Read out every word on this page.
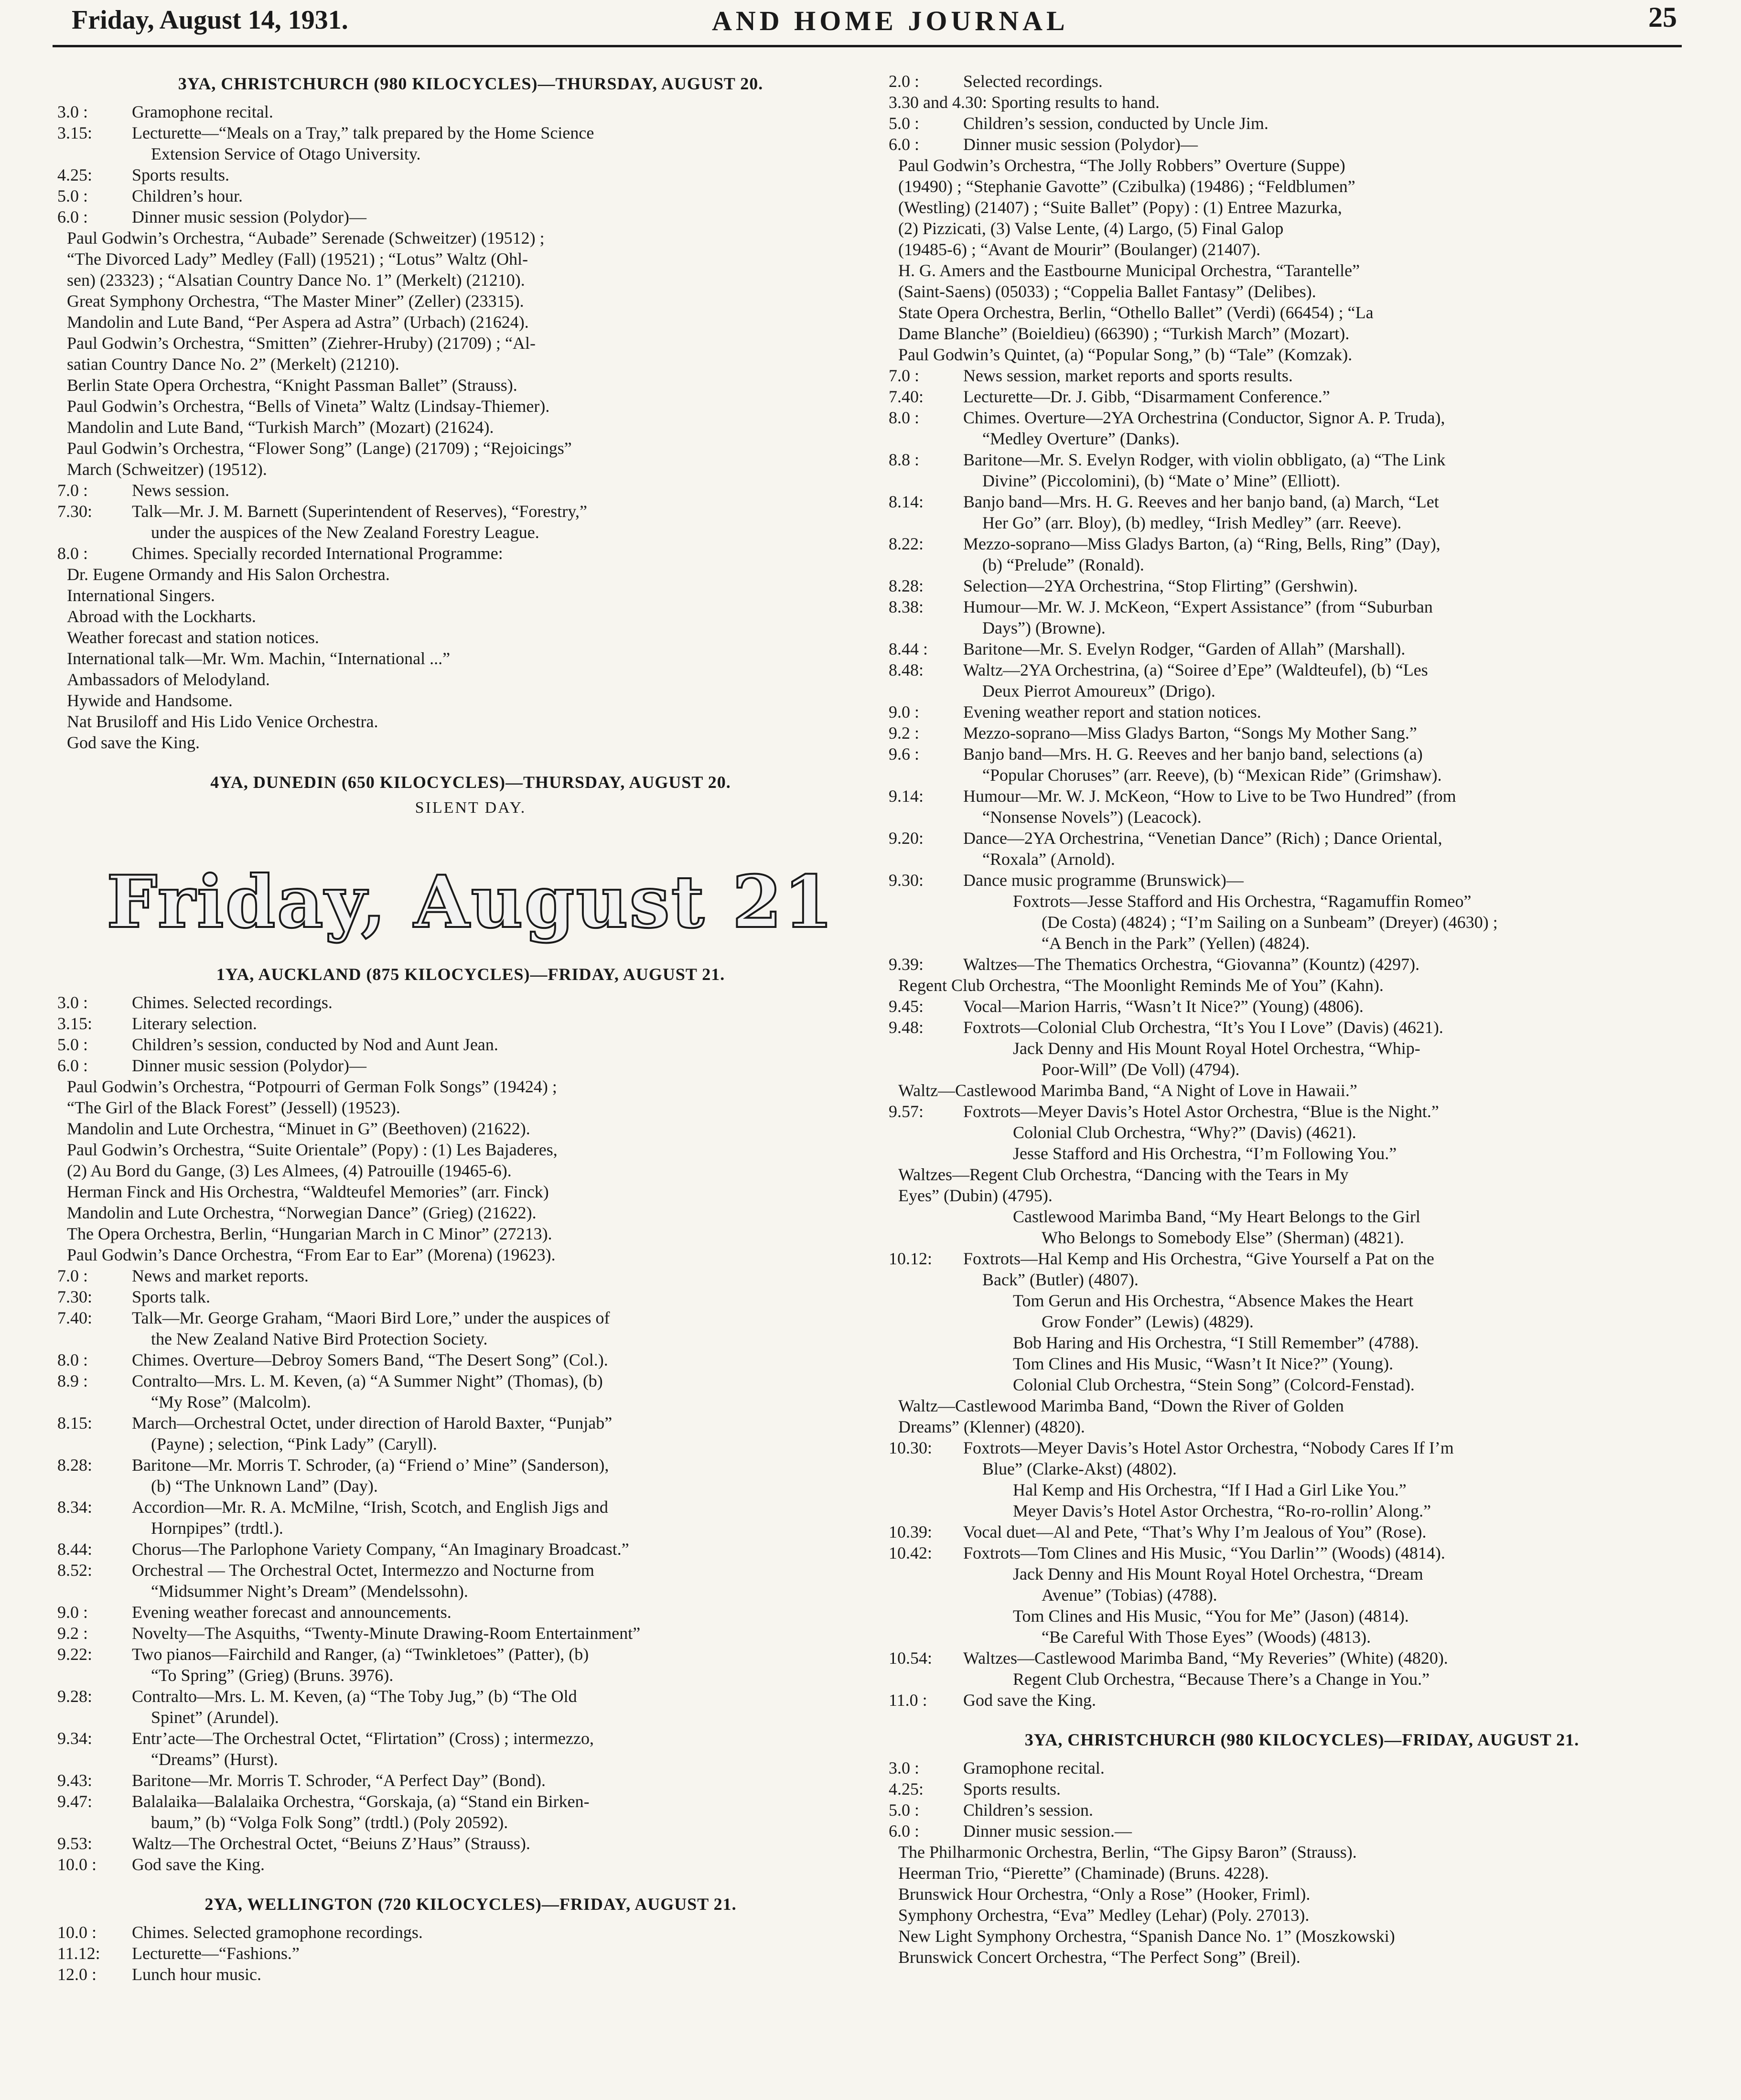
Friday, August 14, 1931.	AND HOME JOURNAL	25
3YA, CHRISTCHURCH (980 KILOCYCLES)—THURSDAY, AUGUST 20.
3.0 :	Gramophone recital.
3.15:	Lecturette—“Meals on a Tray,” talk prepared by the Home Science
Extension Service of Otago University.
4.25:	Sports results.
5.0 :	Children’s hour.
6.0 :	Dinner music session (Polydor)—
Paul Godwin’s Orchestra, “Aubade” Serenade (Schweitzer) (19512) ;
“The Divorced Lady” Medley (Fall) (19521) ; “Lotus” Waltz (Ohl-
sen) (23323) ; “Alsatian Country Dance No. 1” (Merkelt) (21210).
Great Symphony Orchestra, “The Master Miner” (Zeller) (23315).
Mandolin and Lute Band, “Per Aspera ad Astra” (Urbach) (21624).
Paul Godwin’s Orchestra, “Smitten” (Ziehrer-Hruby) (21709) ; “Al-
satian Country Dance No. 2” (Merkelt) (21210).
Berlin State Opera Orchestra, “Knight Passman Ballet” (Strauss).
Paul Godwin’s Orchestra, “Bells of Vineta” Waltz (Lindsay-Thiemer).
Mandolin and Lute Band, “Turkish March” (Mozart) (21624).
Paul Godwin’s Orchestra, “Flower Song” (Lange) (21709) ; “Rejoicings”
March (Schweitzer) (19512).
7.0 :	News session.
7.30:	Talk—Mr. J. M. Barnett (Superintendent of Reserves), “Forestry,”
under the auspices of the New Zealand Forestry League.
8.0 :	Chimes. Specially recorded International Programme:
Dr. Eugene Ormandy and His Salon Orchestra.
International Singers.
Abroad with the Lockharts.
Weather forecast and station notices.
International talk—Mr. Wm. Machin, “International ...”
Ambassadors of Melodyland.
Hywide and Handsome.
Nat Brusiloff and His Lido Venice Orchestra.
God save the King.
4YA, DUNEDIN (650 KILOCYCLES)—THURSDAY, AUGUST 20.
SILENT DAY.
Friday, August 21
1YA, AUCKLAND (875 KILOCYCLES)—FRIDAY, AUGUST 21.
3.0 :	Chimes. Selected recordings.
3.15:	Literary selection.
5.0 :	Children’s session, conducted by Nod and Aunt Jean.
6.0 :	Dinner music session (Polydor)—
Paul Godwin’s Orchestra, “Potpourri of German Folk Songs” (19424) ;
“The Girl of the Black Forest” (Jessell) (19523).
Mandolin and Lute Orchestra, “Minuet in G” (Beethoven) (21622).
Paul Godwin’s Orchestra, “Suite Orientale” (Popy) : (1) Les Bajaderes,
(2) Au Bord du Gange, (3) Les Almees, (4) Patrouille (19465-6).
Herman Finck and His Orchestra, “Waldteufel Memories” (arr. Finck)
Mandolin and Lute Orchestra, “Norwegian Dance” (Grieg) (21622).
The Opera Orchestra, Berlin, “Hungarian March in C Minor” (27213).
Paul Godwin’s Dance Orchestra, “From Ear to Ear” (Morena) (19623).
7.0 :	News and market reports.
7.30:	Sports talk.
7.40:	Talk—Mr. George Graham, “Maori Bird Lore,” under the auspices of
the New Zealand Native Bird Protection Society.
8.0 :	Chimes. Overture—Debroy Somers Band, “The Desert Song” (Col.).
8.9 :	Contralto—Mrs. L. M. Keven, (a) “A Summer Night” (Thomas), (b)
“My Rose” (Malcolm).
8.15:	March—Orchestral Octet, under direction of Harold Baxter, “Punjab”
(Payne) ; selection, “Pink Lady” (Caryll).
8.28:	Baritone—Mr. Morris T. Schroder, (a) “Friend o’ Mine” (Sanderson),
(b) “The Unknown Land” (Day).
8.34:	Accordion—Mr. R. A. McMilne, “Irish, Scotch, and English Jigs and
Hornpipes” (trdtl.).
8.44:	Chorus—The Parlophone Variety Company, “An Imaginary Broadcast.”
8.52:	Orchestral — The Orchestral Octet, Intermezzo and Nocturne from
“Midsummer Night’s Dream” (Mendelssohn).
9.0 :	Evening weather forecast and announcements.
9.2 :	Novelty—The Asquiths, “Twenty-Minute Drawing-Room Entertainment”
9.22:	Two pianos—Fairchild and Ranger, (a) “Twinkletoes” (Patter), (b)
“To Spring” (Grieg) (Bruns. 3976).
9.28:	Contralto—Mrs. L. M. Keven, (a) “The Toby Jug,” (b) “The Old
Spinet” (Arundel).
9.34:	Entr’acte—The Orchestral Octet, “Flirtation” (Cross) ; intermezzo,
“Dreams” (Hurst).
9.43:	Baritone—Mr. Morris T. Schroder, “A Perfect Day” (Bond).
9.47:	Balalaika—Balalaika Orchestra, “Gorskaja, (a) “Stand ein Birken-
baum,” (b) “Volga Folk Song” (trdtl.) (Poly 20592).
9.53:	Waltz—The Orchestral Octet, “Beiuns Z’Haus” (Strauss).
10.0 :	God save the King.
2YA, WELLINGTON (720 KILOCYCLES)—FRIDAY, AUGUST 21.
10.0 :	Chimes. Selected gramophone recordings.
11.12:	Lecturette—“Fashions.”
12.0 :	Lunch hour music.
2.0 :	Selected recordings.
3.30 and 4.30: Sporting results to hand.
5.0 :	Children’s session, conducted by Uncle Jim.
6.0 :	Dinner music session (Polydor)—
Paul Godwin’s Orchestra, “The Jolly Robbers” Overture (Suppe)
(19490) ; “Stephanie Gavotte” (Czibulka) (19486) ; “Feldblumen”
(Westling) (21407) ; “Suite Ballet” (Popy) : (1) Entree Mazurka,
(2) Pizzicati, (3) Valse Lente, (4) Largo, (5) Final Galop
(19485-6) ; “Avant de Mourir” (Boulanger) (21407).
H. G. Amers and the Eastbourne Municipal Orchestra, “Tarantelle”
(Saint-Saens) (05033) ; “Coppelia Ballet Fantasy” (Delibes).
State Opera Orchestra, Berlin, “Othello Ballet” (Verdi) (66454) ; “La
Dame Blanche” (Boieldieu) (66390) ; “Turkish March” (Mozart).
Paul Godwin’s Quintet, (a) “Popular Song,” (b) “Tale” (Komzak).
7.0 :	News session, market reports and sports results.
7.40:	Lecturette—Dr. J. Gibb, “Disarmament Conference.”
8.0 :	Chimes. Overture—2YA Orchestrina (Conductor, Signor A. P. Truda),
“Medley Overture” (Danks).
8.8 :	Baritone—Mr. S. Evelyn Rodger, with violin obbligato, (a) “The Link
Divine” (Piccolomini), (b) “Mate o’ Mine” (Elliott).
8.14:	Banjo band—Mrs. H. G. Reeves and her banjo band, (a) March, “Let
Her Go” (arr. Bloy), (b) medley, “Irish Medley” (arr. Reeve).
8.22:	Mezzo-soprano—Miss Gladys Barton, (a) “Ring, Bells, Ring” (Day),
(b) “Prelude” (Ronald).
8.28:	Selection—2YA Orchestrina, “Stop Flirting” (Gershwin).
8.38:	Humour—Mr. W. J. McKeon, “Expert Assistance” (from “Suburban
Days”) (Browne).
8.44 :	Baritone—Mr. S. Evelyn Rodger, “Garden of Allah” (Marshall).
8.48:	Waltz—2YA Orchestrina, (a) “Soiree d’Epe” (Waldteufel), (b) “Les
Deux Pierrot Amoureux” (Drigo).
9.0 :	Evening weather report and station notices.
9.2 :	Mezzo-soprano—Miss Gladys Barton, “Songs My Mother Sang.”
9.6 :	Banjo band—Mrs. H. G. Reeves and her banjo band, selections (a)
“Popular Choruses” (arr. Reeve), (b) “Mexican Ride” (Grimshaw).
9.14:	Humour—Mr. W. J. McKeon, “How to Live to be Two Hundred” (from
“Nonsense Novels”) (Leacock).
9.20:	Dance—2YA Orchestrina, “Venetian Dance” (Rich) ; Dance Oriental,
“Roxala” (Arnold).
9.30:	Dance music programme (Brunswick)—
Foxtrots—Jesse Stafford and His Orchestra, “Ragamuffin Romeo”
(De Costa) (4824) ; “I’m Sailing on a Sunbeam” (Dreyer) (4630) ;
“A Bench in the Park” (Yellen) (4824).
9.39:	Waltzes—The Thematics Orchestra, “Giovanna” (Kountz) (4297).
Regent Club Orchestra, “The Moonlight Reminds Me of You” (Kahn).
9.45:	Vocal—Marion Harris, “Wasn’t It Nice?” (Young) (4806).
9.48:	Foxtrots—Colonial Club Orchestra, “It’s You I Love” (Davis) (4621).
Jack Denny and His Mount Royal Hotel Orchestra, “Whip-
Poor-Will” (De Voll) (4794).
Waltz—Castlewood Marimba Band, “A Night of Love in Hawaii.”
9.57:	Foxtrots—Meyer Davis’s Hotel Astor Orchestra, “Blue is the Night.”
Colonial Club Orchestra, “Why?” (Davis) (4621).
Jesse Stafford and His Orchestra, “I’m Following You.”
Waltzes—Regent Club Orchestra, “Dancing with the Tears in My
Eyes” (Dubin) (4795).
Castlewood Marimba Band, “My Heart Belongs to the Girl
Who Belongs to Somebody Else” (Sherman) (4821).
10.12:	Foxtrots—Hal Kemp and His Orchestra, “Give Yourself a Pat on the
Back” (Butler) (4807).
Tom Gerun and His Orchestra, “Absence Makes the Heart
Grow Fonder” (Lewis) (4829).
Bob Haring and His Orchestra, “I Still Remember” (4788).
Tom Clines and His Music, “Wasn’t It Nice?” (Young).
Colonial Club Orchestra, “Stein Song” (Colcord-Fenstad).
Waltz—Castlewood Marimba Band, “Down the River of Golden
Dreams” (Klenner) (4820).
10.30:	Foxtrots—Meyer Davis’s Hotel Astor Orchestra, “Nobody Cares If I’m
Blue” (Clarke-Akst) (4802).
Hal Kemp and His Orchestra, “If I Had a Girl Like You.”
Meyer Davis’s Hotel Astor Orchestra, “Ro-ro-rollin’ Along.”
10.39:	Vocal duet—Al and Pete, “That’s Why I’m Jealous of You” (Rose).
10.42:	Foxtrots—Tom Clines and His Music, “You Darlin’” (Woods) (4814).
Jack Denny and His Mount Royal Hotel Orchestra, “Dream
Avenue” (Tobias) (4788).
Tom Clines and His Music, “You for Me” (Jason) (4814).
“Be Careful With Those Eyes” (Woods) (4813).
10.54:	Waltzes—Castlewood Marimba Band, “My Reveries” (White) (4820).
Regent Club Orchestra, “Because There’s a Change in You.”
11.0 :	God save the King.
3YA, CHRISTCHURCH (980 KILOCYCLES)—FRIDAY, AUGUST 21.
3.0 :	Gramophone recital.
4.25:	Sports results.
5.0 :	Children’s session.
6.0 :	Dinner music session.—
The Philharmonic Orchestra, Berlin, “The Gipsy Baron” (Strauss).
Heerman Trio, “Pierette” (Chaminade) (Bruns. 4228).
Brunswick Hour Orchestra, “Only a Rose” (Hooker, Friml).
Symphony Orchestra, “Eva” Medley (Lehar) (Poly. 27013).
New Light Symphony Orchestra, “Spanish Dance No. 1” (Moszkowski)
Brunswick Concert Orchestra, “The Perfect Song” (Breil).
